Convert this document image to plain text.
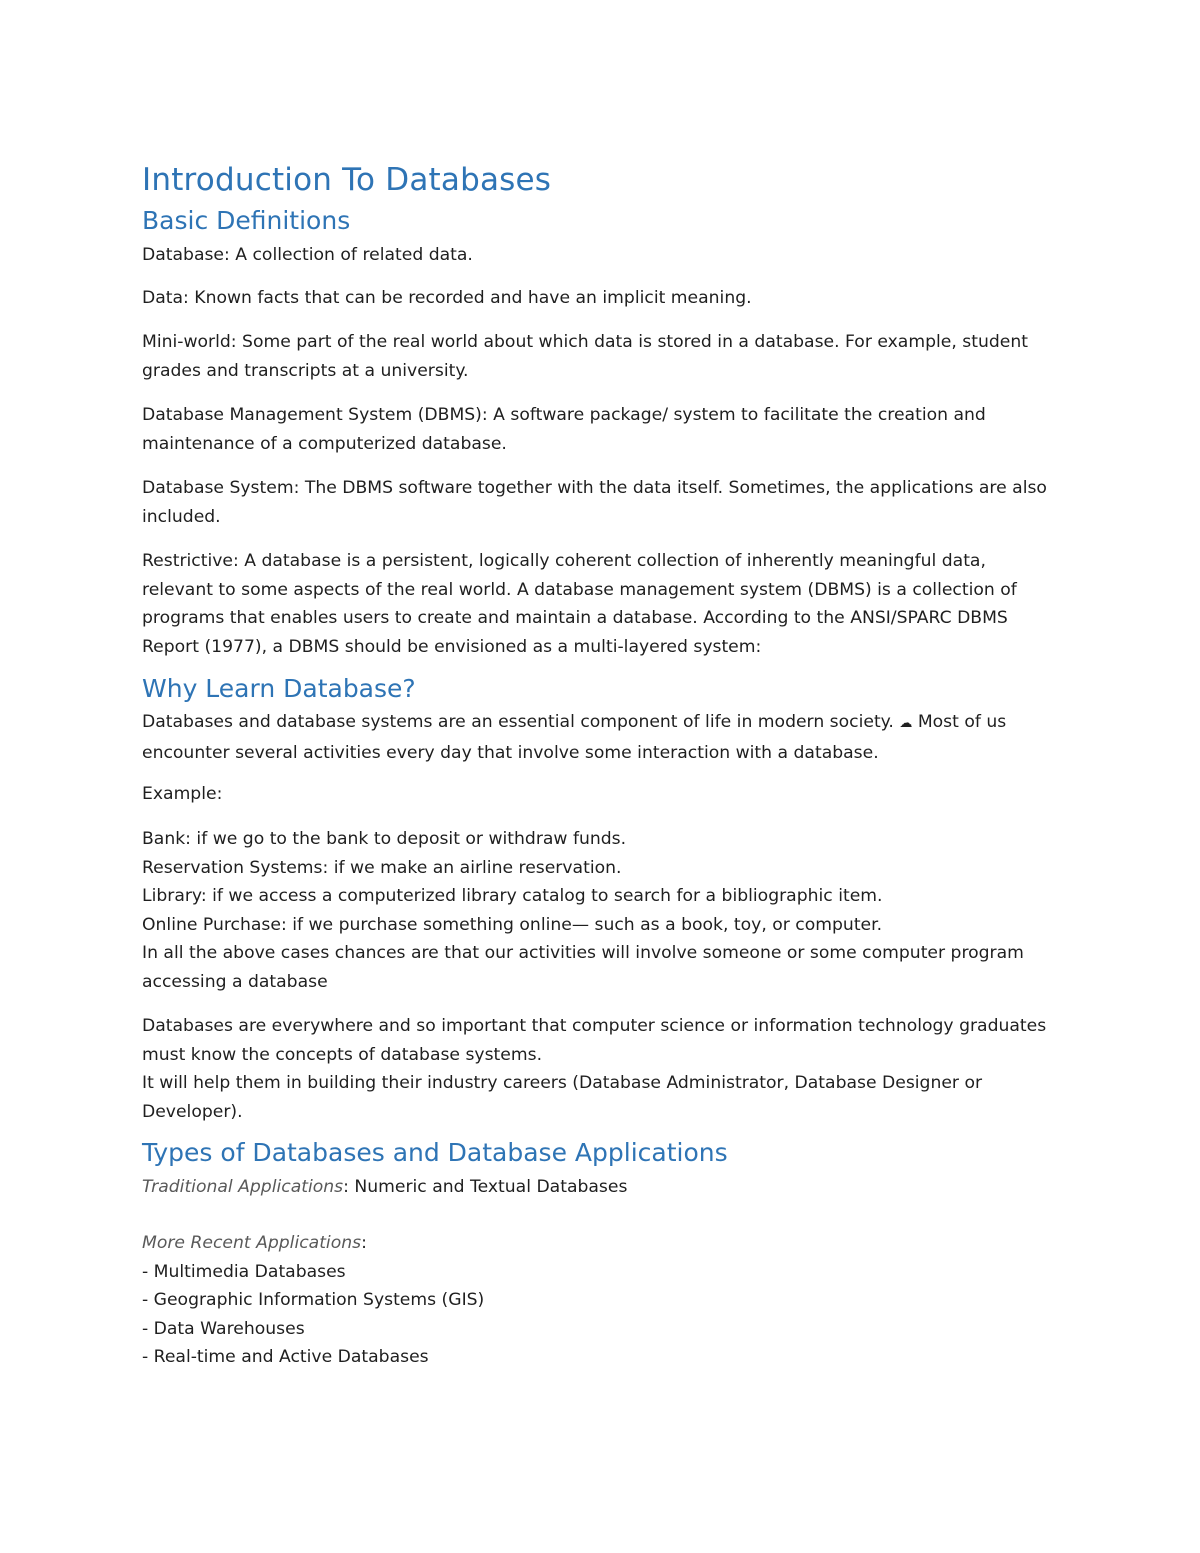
Introduction To Databases
Basic Definitions

Database: A collection of related data.

Data: Known facts that can be recorded and have an implicit meaning.

Mini-world: Some part of the real world about which data is stored in a database. For example, student
grades and transcripts at a university.

Database Management System (DBMS): A software package/ system to facilitate the creation and
maintenance of a computerized database.

Database System: The DBMS software together with the data itself. Sometimes, the applications are also
included.

Restrictive: A database is a persistent, logically coherent collection of inherently meaningful data,
relevant to some aspects of the real world. A database management system (DBMS) is a collection of
programs that enables users to create and maintain a database. According to the ANSI/SPARC DBMS
Report (1977), a DBMS should be envisioned as a multi-layered system:

Why Learn Database?

Databases and database systems are an essential component of life in modern society. ☁ Most of us
encounter several activities every day that involve some interaction with a database.

Example:

Bank: if we go to the bank to deposit or withdraw funds.
Reservation Systems: if we make an airline reservation.
Library: if we access a computerized library catalog to search for a bibliographic item.
Online Purchase: if we purchase something online— such as a book, toy, or computer.
In all the above cases chances are that our activities will involve someone or some computer program
accessing a database

Databases are everywhere and so important that computer science or information technology graduates
must know the concepts of database systems.
It will help them in building their industry careers (Database Administrator, Database Designer or
Developer).

Types of Databases and Database Applications

Traditional Applications: Numeric and Textual Databases

More Recent Applications:
- Multimedia Databases
- Geographic Information Systems (GIS)
- Data Warehouses
- Real-time and Active Databases
